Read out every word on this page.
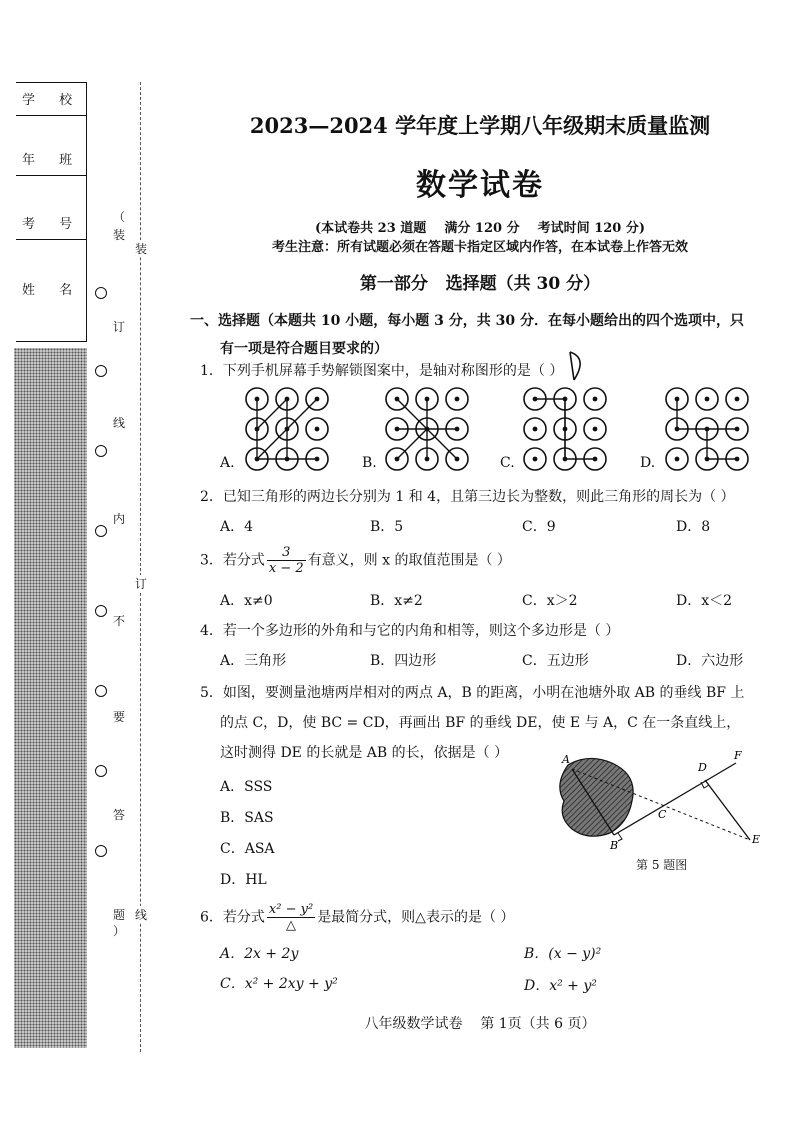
学 校
年 班
考 号
姓 名
（
装
订
线
内
不
要
答
题
）
装
订
线
2023—2024 学年度上学期八年级期末质量监测
数学试卷
(本试卷共 23 道题    满分 120 分    考试时间 120 分)
考生注意：所有试题必须在答题卡指定区域内作答，在本试卷上作答无效
第一部分   选择题（共 30 分）
一、选择题（本题共 10 小题，每小题 3 分，共 30 分．在每小题给出的四个选项中，只
有一项是符合题目要求的）
1．下列手机屏幕手势解锁图案中，是轴对称图形的是（ ）
A.	B.	C.	D.
2．已知三角形的两边长分别为 1 和 4，且第三边长为整数，则此三角形的周长为（ ）
A．4	B．5	C．9	D．8
3．若分式 $\frac{3}{x - 2}$ 有意义，则 x 的取值范围是（ ）
A．x≠0	B．x≠2	C．x＞2	D．x＜2
4．若一个多边形的外角和与它的内角和相等，则这个多边形是（ ）
A．三角形	B．四边形	C．五边形	D．六边形
5．如图，要测量池塘两岸相对的两点 A，B 的距离，小明在池塘外取 AB 的垂线 BF 上
的点 C，D，使 BC = CD，再画出 BF 的垂线 DE，使 E 与 A，C 在一条直线上，
这时测得 DE 的长就是 AB 的长，依据是（ ）
A．SSS
B．SAS
C．ASA
D．HL
A
B
C
D
E
F
第 5 题图
6．若分式 $\frac{\text{x² − y²}}{\triangle}$ 是最简分式，则△表示的是（ ）
A．2x + 2y	B．(x − y)²
C．x² + 2xy + y²	D．x² + y²
八年级数学试卷    第 1页（共 6 页）
